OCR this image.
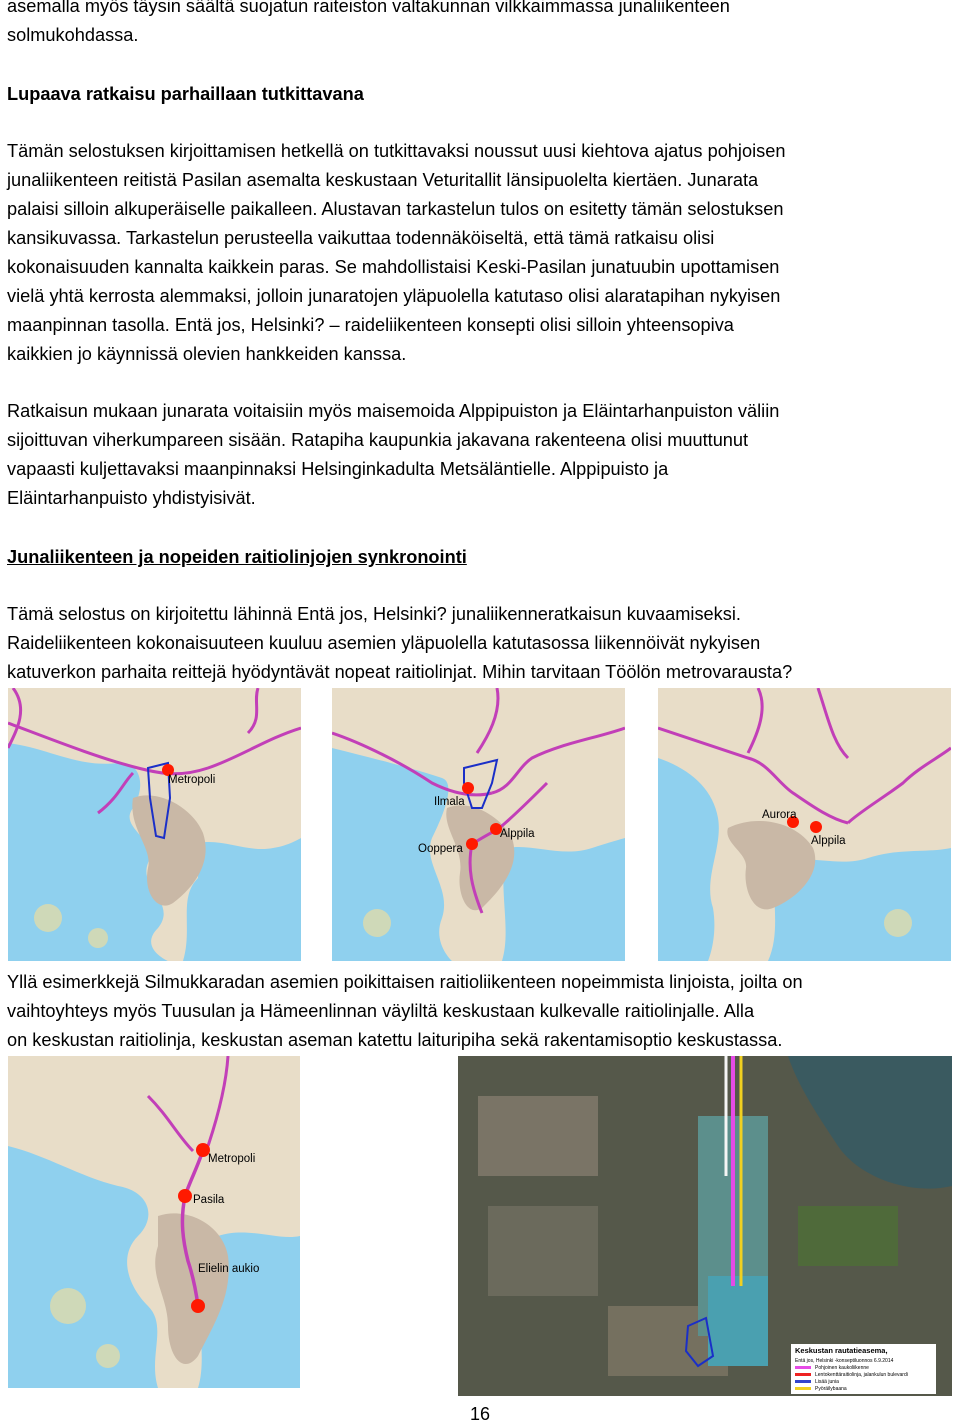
asemalla myös täysin säältä suojatun raiteiston valtakunnan vilkkaimmassa junaliikenteen
solmukohdassa.

Lupaava ratkaisu parhaillaan tutkittavana

Tämän selostuksen kirjoittamisen hetkellä on tutkittavaksi noussut uusi kiehtova ajatus pohjoisen
junaliikenteen reitistä Pasilan asemalta keskustaan Veturitallit länsipuolelta kiertäen. Junarata
palaisi silloin alkuperäiselle paikalleen. Alustavan tarkastelun tulos on esitetty tämän selostuksen
kansikuvassa. Tarkastelun perusteella vaikuttaa todennäköiseltä, että tämä ratkaisu olisi
kokonaisuuden kannalta kaikkein paras. Se mahdollistaisi Keski-Pasilan junatuubin upottamisen
vielä yhtä kerrosta alemmaksi, jolloin junaratojen yläpuolella katutaso olisi alaratapihan nykyisen
maanpinnan tasolla. Entä jos, Helsinki? – raideliikenteen konsepti olisi silloin yhteensopiva
kaikkien jo käynnissä olevien hankkeiden kanssa.

Ratkaisun mukaan junarata voitaisiin myös maisemoida Alppipuiston ja Eläintarhanpuiston väliin
sijoittuvan viherkumpareen sisään. Ratapiha kaupunkia jakavana rakenteena olisi muuttunut
vapaasti kuljettavaksi maanpinnaksi Helsinginkadulta Metsäläntielle. Alppipuisto ja
Eläintarhanpuisto yhdistyisivät.

Junaliikenteen ja nopeiden raitiolinjojen synkronointi

Tämä selostus on kirjoitettu lähinnä Entä jos, Helsinki? junaliikenneratkaisun kuvaamiseksi.
Raideliikenteen kokonaisuuteen kuuluu asemien yläpuolella katutasossa liikennöivät nykyisen
katuverkon parhaita reittejä hyödyntävät nopeat raitiolinjat. Mihin tarvitaan Töölön metrovarausta?

Metropoli
Ilmala
Alppila
Ooppera
Aurora
Alppila

Yllä esimerkkejä Silmukkaradan asemien poikittaisen raitioliikenteen nopeimmista linjoista, joilta on
vaihtoyhteys myös Tuusulan ja Hämeenlinnan väyliltä keskustaan kulkevalle raitiolinjalle. Alla
on keskustan raitiolinja, keskustan aseman katettu laituripiha sekä rakentamisoptio keskustassa.

Metropoli
Pasila
Elielin aukio
Keskustan rautatieasema,
Entä jos, Helsinki -konseptiluonnos 6.9.2014
Pohjoinen kaukoliikenne
Lentokenttäraitiolinja, jalankulun bulevardi
Lisää junia
Pyöräilybaana
16
